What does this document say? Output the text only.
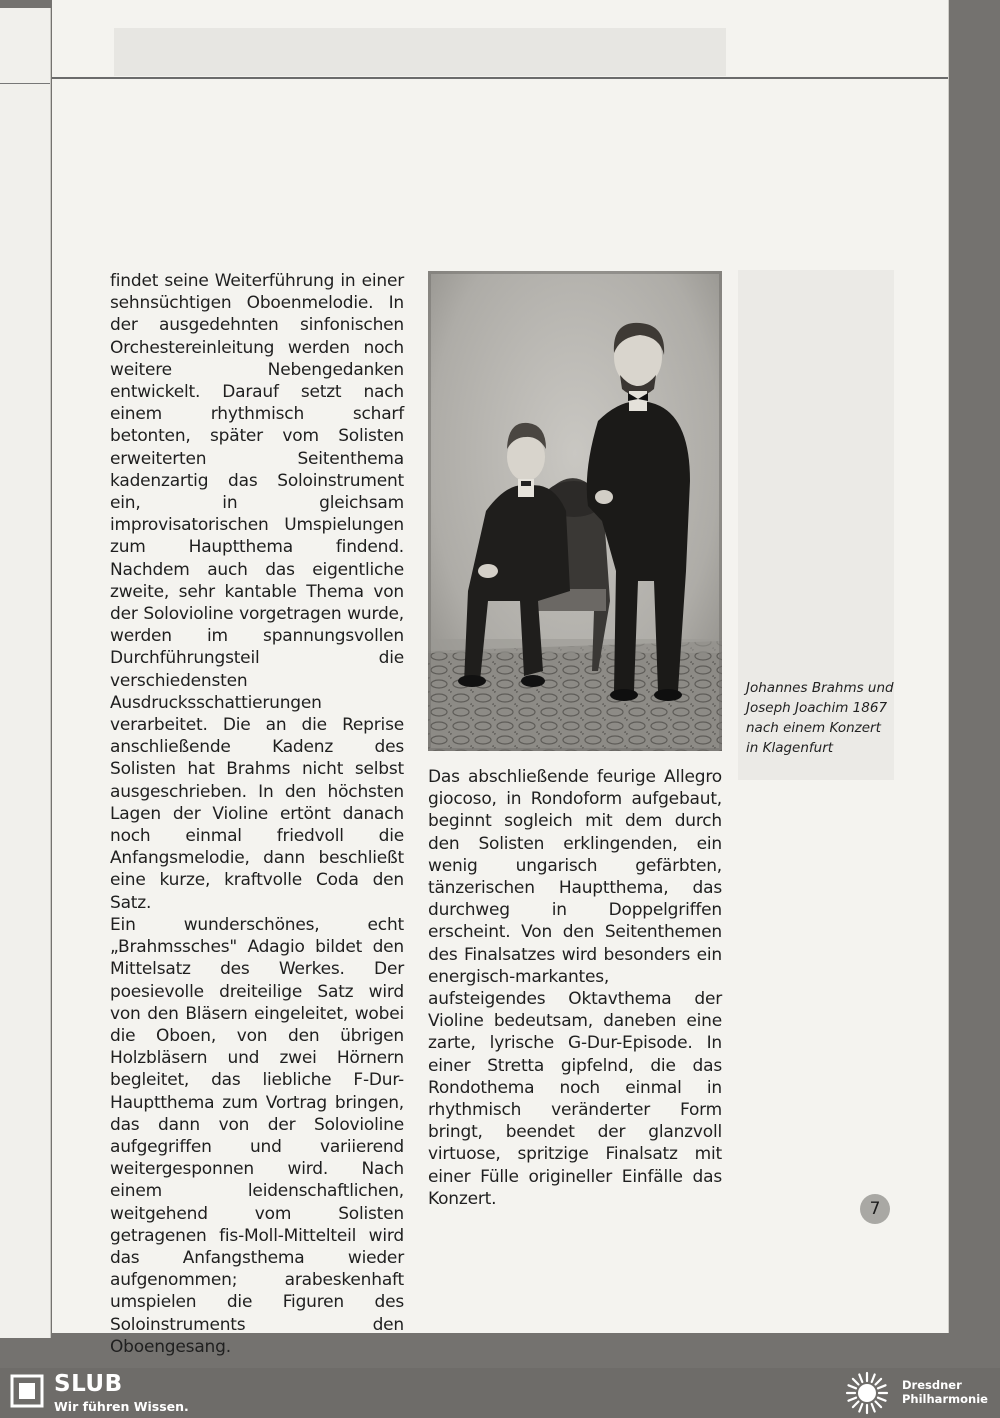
findet seine Weiterführung in einer sehnsüchtigen Oboenmelodie. In der ausgedehnten sinfonischen Orchestereinleitung werden noch weitere Nebengedanken entwickelt. Darauf setzt nach einem rhythmisch scharf betonten, später vom Solisten erweiterten Seitenthema kadenzartig das Soloinstrument ein, in gleichsam improvisatorischen Umspielungen zum Hauptthema findend. Nachdem auch das eigentliche zweite, sehr kantable Thema von der Solovioline vorgetragen wurde, werden im spannungsvollen Durchführungsteil die verschiedensten Ausdrucksschattierungen verarbeitet. Die an die Reprise anschließende Kadenz des Solisten hat Brahms nicht selbst ausgeschrieben. In den höchsten Lagen der Violine ertönt danach noch einmal friedvoll die Anfangsmelodie, dann beschließt eine kurze, kraftvolle Coda den Satz.

Ein wunderschönes, echt „Brahmssches" Adagio bildet den Mittelsatz des Werkes. Der poesievolle dreiteilige Satz wird von den Bläsern eingeleitet, wobei die Oboen, von den übrigen Holzbläsern und zwei Hörnern begleitet, das liebliche F-Dur-Hauptthema zum Vortrag bringen, das dann von der Solovioline aufgegriffen und variierend weitergesponnen wird. Nach einem leidenschaftlichen, weitgehend vom Solisten getragenen fis-Moll-Mittelteil wird das Anfangsthema wieder aufgenommen; arabeskenhaft umspielen die Figuren des Soloinstruments den Oboengesang.

Johannes Brahms und
Joseph Joachim 1867
nach einem Konzert
in Klagenfurt

Das abschließende feurige Allegro giocoso, in Rondoform aufgebaut, beginnt sogleich mit dem durch den Solisten erklingenden, ein wenig ungarisch gefärbten, tänzerischen Hauptthema, das durchweg in Doppelgriffen erscheint. Von den Seitenthemen des Finalsatzes wird besonders ein energisch-markantes, aufsteigendes Oktavthema der Violine bedeutsam, daneben eine zarte, lyrische G-Dur-Episode. In einer Stretta gipfelnd, die das Rondothema noch einmal in rhythmisch veränderter Form bringt, beendet der glanzvoll virtuose, spritzige Finalsatz mit einer Fülle origineller Einfälle das Konzert.

7
SLUB
Wir führen Wissen.
Dresdner
Philharmonie
